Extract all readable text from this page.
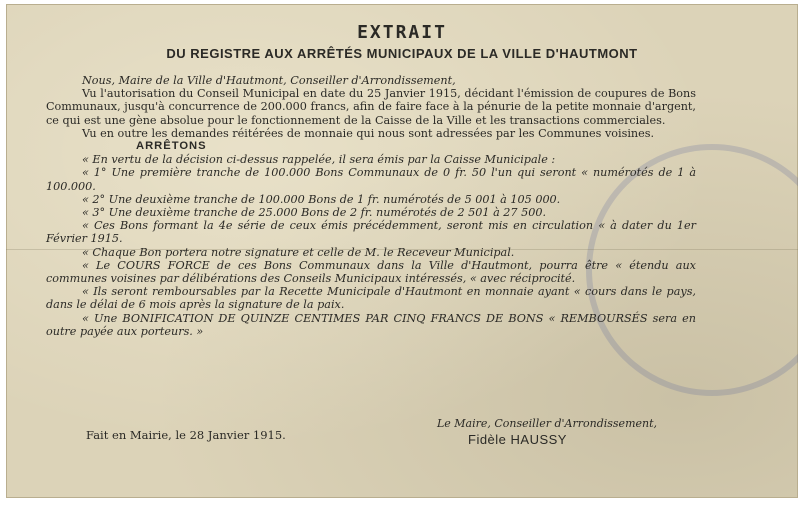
EXTRAIT
DU REGISTRE AUX ARRÊTÉS MUNICIPAUX DE LA VILLE D'HAUTMONT

Nous, Maire de la Ville d'Hautmont, Conseiller d'Arrondissement,

Vu l'autorisation du Conseil Municipal en date du 25 Janvier 1915, décidant l'émission de coupures de Bons Communaux, jusqu'à concurrence de 200.000 francs, afin de faire face à la pénurie de la petite monnaie d'argent, ce qui est une gène absolue pour le fonctionnement de la Caisse de la Ville et les transactions commerciales.

Vu en outre les demandes réitérées de monnaie qui nous sont adressées par les Communes voisines.

ARRÊTONS

« En vertu de la décision ci-dessus rappelée, il sera émis par la Caisse Municipale :

« 1° Une première tranche de 100.000 Bons Communaux de 0 fr. 50 l'un qui seront « numérotés de 1 à 100.000.

« 2° Une deuxième tranche de 100.000 Bons de 1 fr. numérotés de 5 001 à 105 000.

« 3° Une deuxième tranche de 25.000 Bons de 2 fr. numérotés de 2 501 à 27 500.

« Ces Bons formant la 4e série de ceux émis précédemment, seront mis en circulation « à dater du 1er Février 1915.

« Chaque Bon portera notre signature et celle de M. le Receveur Municipal.

« Le COURS FORCE de ces Bons Communaux dans la Ville d'Hautmont, pourra être « étendu aux communes voisines par délibérations des Conseils Municipaux intéressés, « avec réciprocité.

« Ils seront remboursables par la Recette Municipale d'Hautmont en monnaie ayant « cours dans le pays, dans le délai de 6 mois après la signature de la paix.

« Une BONIFICATION DE QUINZE CENTIMES PAR CINQ FRANCS DE BONS « REMBOURSÉS sera en outre payée aux porteurs. »

Fait en Mairie, le 28 Janvier 1915.
Le Maire, Conseiller d'Arrondissement,
Fidèle HAUSSY
